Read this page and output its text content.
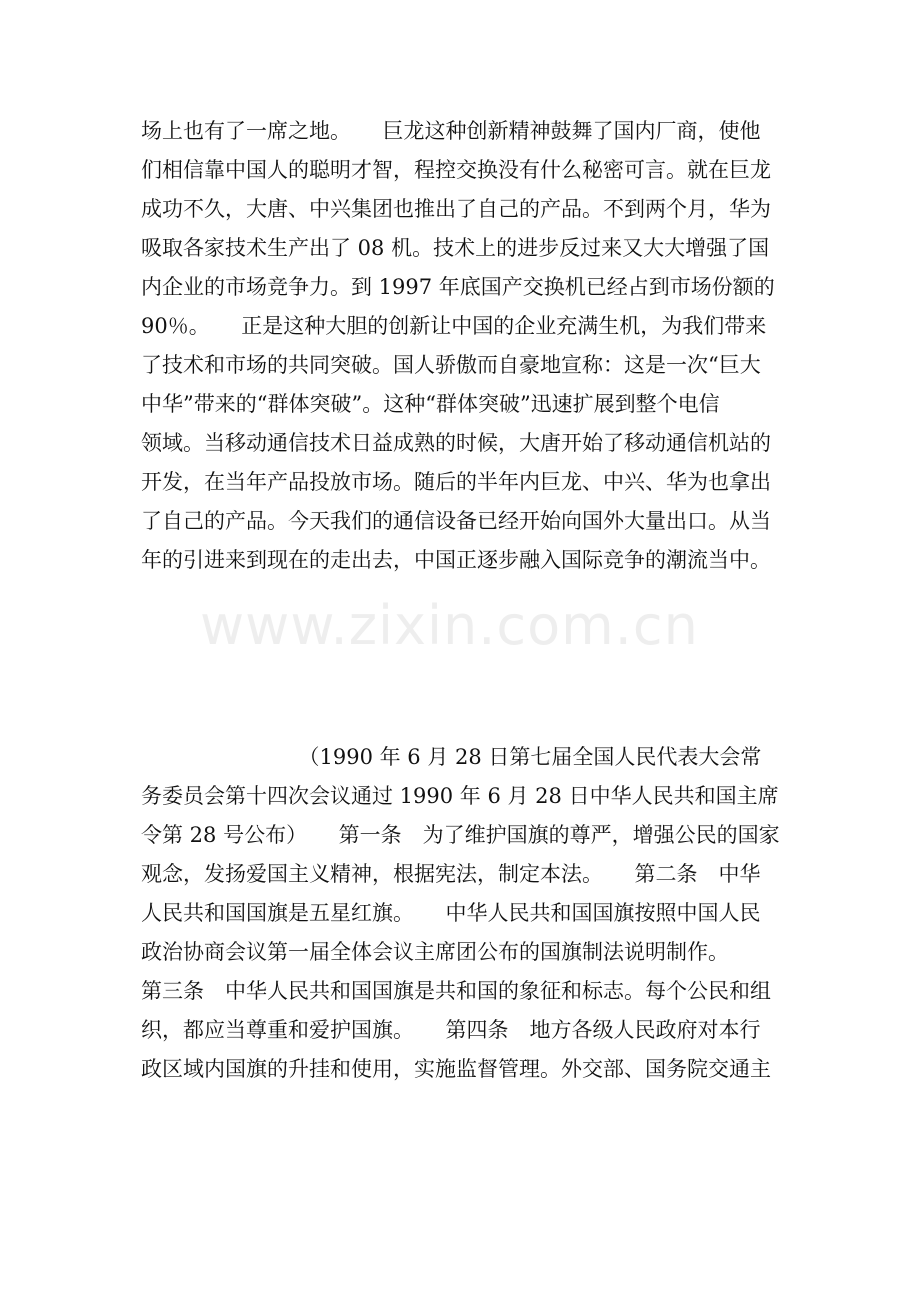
www.zixin.com.cn
场上也有了一席之地。　　巨龙这种创新精神鼓舞了国内厂商，使他
们相信靠中国人的聪明才智，程控交换没有什么秘密可言。就在巨龙
成功不久，大唐、中兴集团也推出了自己的产品。不到两个月，华为
吸取各家技术生产出了 08 机。技术上的进步反过来又大大增强了国
内企业的市场竞争力。到 1997 年底国产交换机已经占到市场份额的
90％。　　正是这种大胆的创新让中国的企业充满生机，为我们带来
了技术和市场的共同突破。国人骄傲而自豪地宣称：这是一次“巨大
中华”带来的“群体突破”。这种“群体突破”迅速扩展到整个电信
领域。当移动通信技术日益成熟的时候，大唐开始了移动通信机站的
开发，在当年产品投放市场。随后的半年内巨龙、中兴、华为也拿出
了自己的产品。今天我们的通信设备已经开始向国外大量出口。从当
年的引进来到现在的走出去，中国正逐步融入国际竞争的潮流当中。
　　　　　　　　（1990 年 6 月 28 日第七届全国人民代表大会常
务委员会第十四次会议通过 1990 年 6 月 28 日中华人民共和国主席
令第 28 号公布）　　第一条　为了维护国旗的尊严，增强公民的国家
观念，发扬爱国主义精神，根据宪法，制定本法。　　第二条　中华
人民共和国国旗是五星红旗。　　中华人民共和国国旗按照中国人民
政治协商会议第一届全体会议主席团公布的国旗制法说明制作。
第三条　中华人民共和国国旗是共和国的象征和标志。每个公民和组
织，都应当尊重和爱护国旗。　　第四条　地方各级人民政府对本行
政区域内国旗的升挂和使用，实施监督管理。外交部、国务院交通主
